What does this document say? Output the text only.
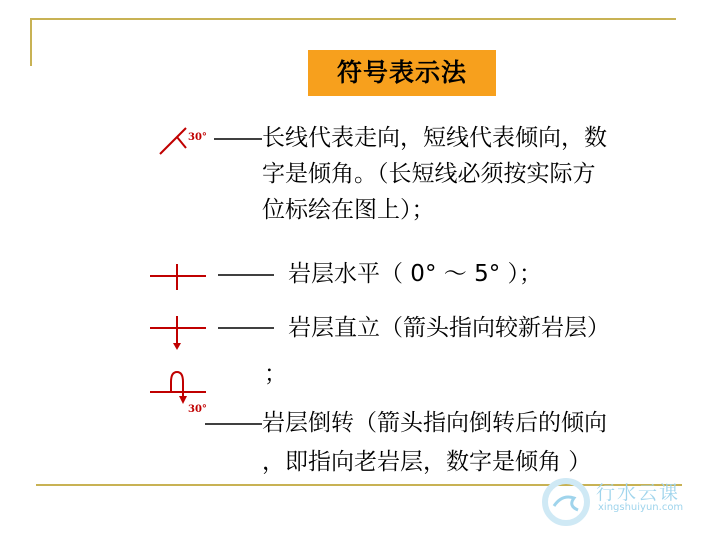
符号表示法
30°
30°
长线代表走向，短线代表倾向，数
字是倾角。（长短线必须按实际方
位标绘在图上）；
岩层水平（ 0° ～ 5° ）；
岩层直立（箭头指向较新岩层）
；
岩层倒转（箭头指向倒转后的倾向
，即指向老岩层，数字是倾角 ）
行水云课
xingshuiyun.com
